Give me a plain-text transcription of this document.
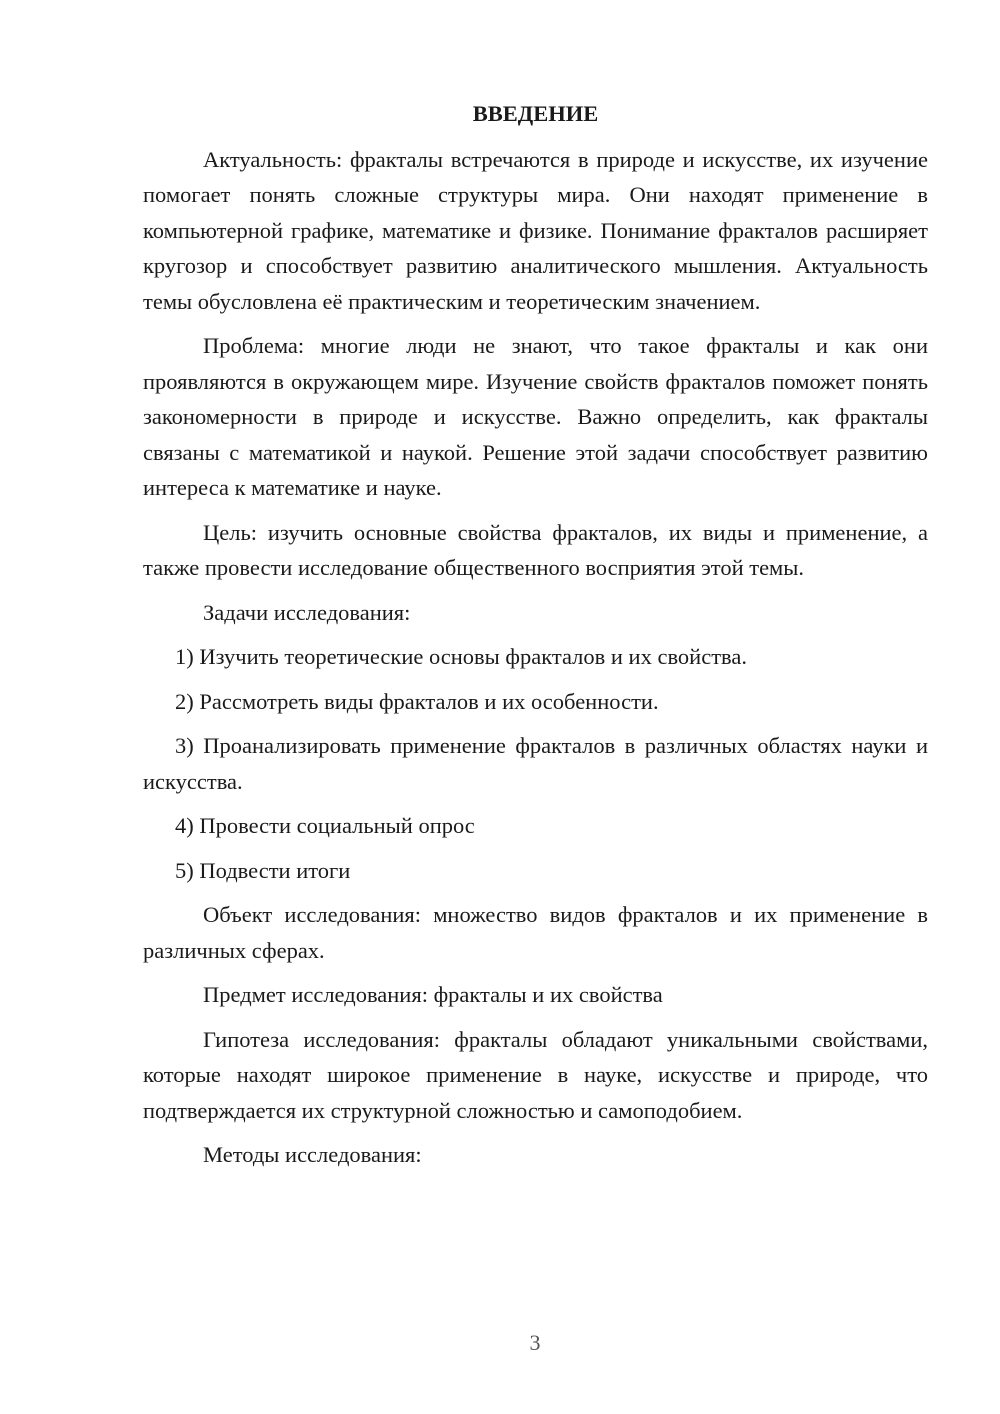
ВВЕДЕНИЕ

Актуальность: фракталы встречаются в природе и искусстве, их изучение помогает понять сложные структуры мира. Они находят применение в компьютерной графике, математике и физике. Понимание фракталов расширяет кругозор и способствует развитию аналитического мышления. Актуальность темы обусловлена её практическим и теоретическим значением.

Проблема: многие люди не знают, что такое фракталы и как они проявляются в окружающем мире. Изучение свойств фракталов поможет понять закономерности в природе и искусстве. Важно определить, как фракталы связаны с математикой и наукой. Решение этой задачи способствует развитию интереса к математике и науке.

Цель: изучить основные свойства фракталов, их виды и применение, а также провести исследование общественного восприятия этой темы.

Задачи исследования:

1) Изучить теоретические основы фракталов и их свойства.

2) Рассмотреть виды фракталов и их особенности.

3) Проанализировать применение фракталов в различных областях науки и искусства.

4) Провести социальный опрос

5) Подвести итоги

Объект исследования: множество видов фракталов и их применение в различных сферах.

Предмет исследования: фракталы и их свойства

Гипотеза исследования: фракталы обладают уникальными свойствами, которые находят широкое применение в науке, искусстве и природе, что подтверждается их структурной сложностью и самоподобием.

Методы исследования:

3
